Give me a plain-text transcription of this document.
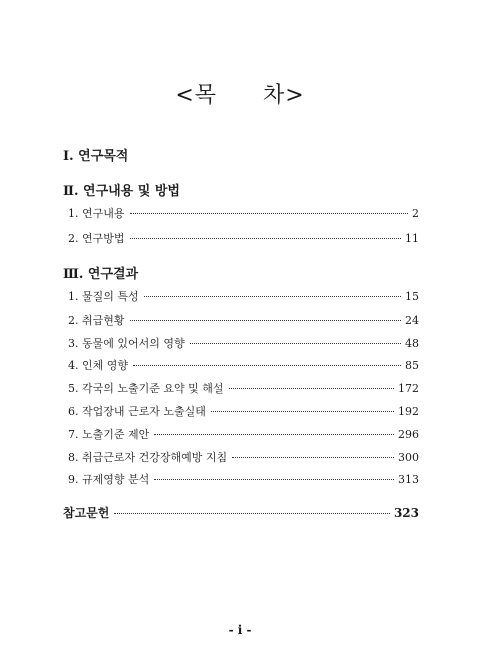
<목 차>
Ⅰ. 연구목적
Ⅱ. 연구내용 및 방법
1. 연구내용	2
2. 연구방법	11
Ⅲ. 연구결과
1. 물질의 특성	15
2. 취급현황	24
3. 동물에 있어서의 영향	48
4. 인체 영향	85
5. 각국의 노출기준 요약 및 해설	172
6. 작업장내 근로자 노출실태	192
7. 노출기준 제안	296
8. 취급근로자 건강장해예방 지침	300
9. 규제영향 분석	313
참고문헌	323
- i -
